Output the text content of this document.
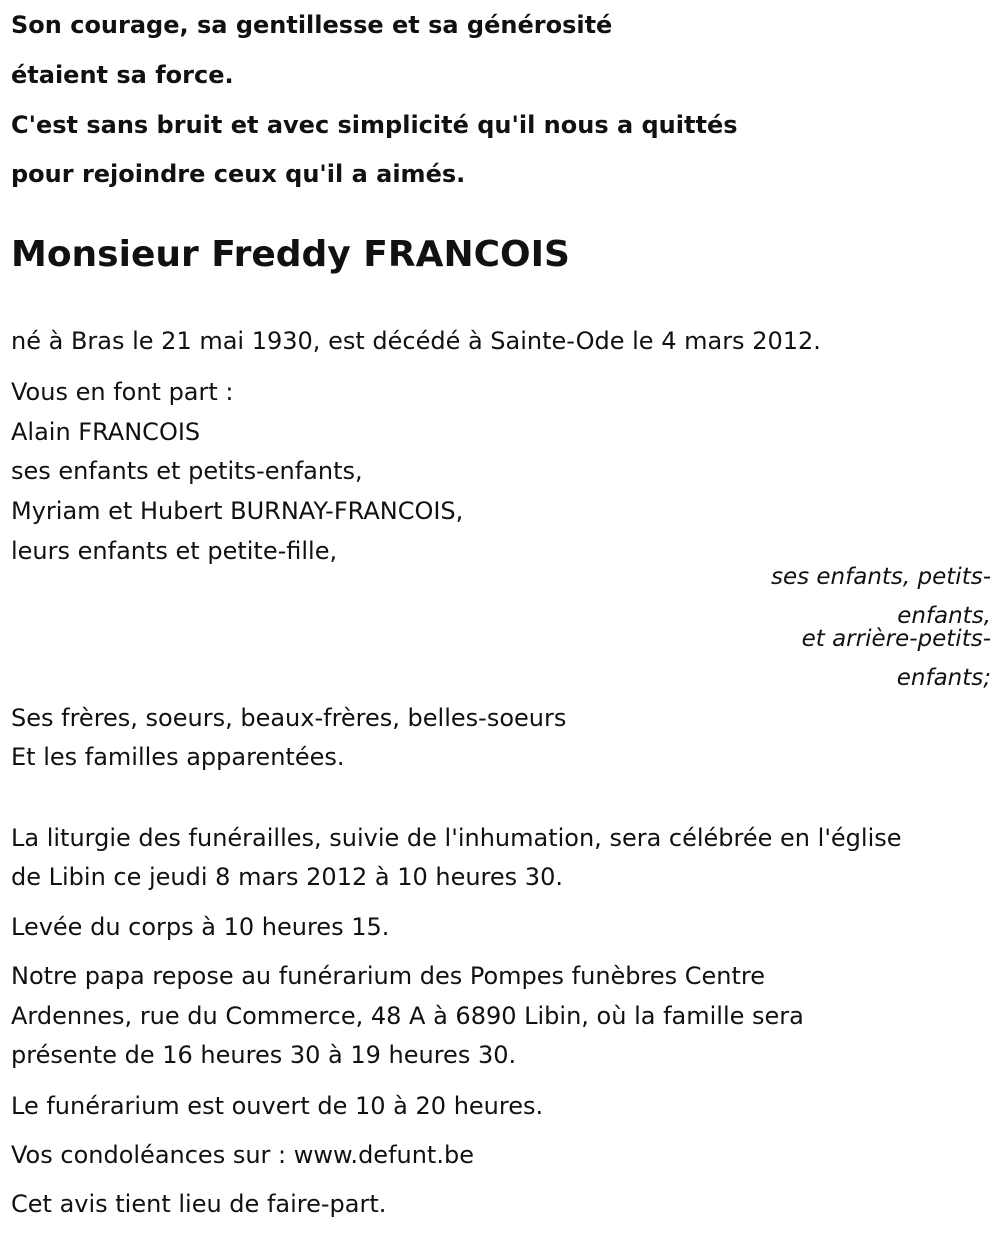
Son courage, sa gentillesse et sa générosité

étaient sa force.

C'est sans bruit et avec simplicité qu'il nous a quittés

pour rejoindre ceux qu'il a aimés.

Monsieur Freddy FRANCOIS

né à Bras le 21 mai 1930, est décédé à Sainte-Ode le 4 mars 2012.

Vous en font part :

Alain FRANCOIS

ses enfants et petits-enfants,

Myriam et Hubert BURNAY-FRANCOIS,

leurs enfants et petite-fille,

ses enfants, petits-enfants,

et arrière-petits-enfants;

Ses frères, soeurs, beaux-frères, belles-soeurs

Et les familles apparentées.

La liturgie des funérailles, suivie de l'inhumation, sera célébrée en l'église

de Libin ce jeudi 8 mars 2012 à 10 heures 30.

Levée du corps à 10 heures 15.

Notre papa repose au funérarium des Pompes funèbres Centre

Ardennes, rue du Commerce, 48 A à 6890 Libin, où la famille sera

présente de 16 heures 30 à 19 heures 30.

Le funérarium est ouvert de 10 à 20 heures.

Vos condoléances sur : www.defunt.be

Cet avis tient lieu de faire-part.
